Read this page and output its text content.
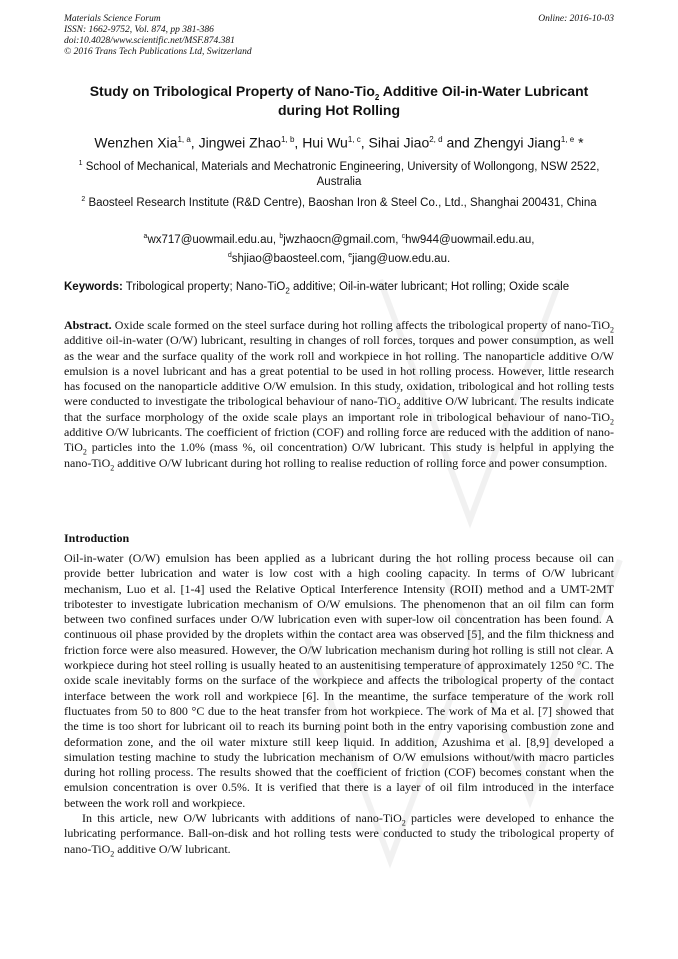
Materials Science Forum
ISSN: 1662-9752, Vol. 874, pp 381-386
doi:10.4028/www.scientific.net/MSF.874.381
© 2016 Trans Tech Publications Ltd, Switzerland
Online: 2016-10-03
Study on Tribological Property of Nano-Tio$_2$ Additive Oil-in-Water Lubricant during Hot Rolling
Wenzhen Xia$^{1, a}$, Jingwei Zhao$^{1, b}$, Hui Wu$^{1, c}$, Sihai Jiao$^{2, d}$ and Zhengyi Jiang$^{1, e}$ *
$^1$ School of Mechanical, Materials and Mechatronic Engineering, University of Wollongong, NSW 2522, Australia
$^2$ Baosteel Research Institute (R&D Centre), Baoshan Iron & Steel Co., Ltd., Shanghai 200431, China
$^a$wx717@uowmail.edu.au, $^b$jwzhaocn@gmail.com, $^c$hw944@uowmail.edu.au,
$^d$shjiao@baosteel.com, $^e$jiang@uow.edu.au.
Keywords: Tribological property; Nano-TiO$_2$ additive; Oil-in-water lubricant; Hot rolling; Oxide scale
Abstract. Oxide scale formed on the steel surface during hot rolling affects the tribological property of nano-TiO$_2$ additive oil-in-water (O/W) lubricant, resulting in changes of roll forces, torques and power consumption, as well as the wear and the surface quality of the work roll and workpiece in hot rolling. The nanoparticle additive O/W emulsion is a novel lubricant and has a great potential to be used in hot rolling process. However, little research has focused on the nanoparticle additive O/W emulsion. In this study, oxidation, tribological and hot rolling tests were conducted to investigate the tribological behaviour of nano-TiO$_2$ additive O/W lubricant. The results indicate that the surface morphology of the oxide scale plays an important role in tribological behaviour of nano-TiO$_2$ additive O/W lubricants. The coefficient of friction (COF) and rolling force are reduced with the addition of nano-TiO$_2$ particles into the 1.0% (mass %, oil concentration) O/W lubricant. This study is helpful in applying the nano-TiO$_2$ additive O/W lubricant during hot rolling to realise reduction of rolling force and power consumption.
Introduction

Oil-in-water (O/W) emulsion has been applied as a lubricant during the hot rolling process because oil can provide better lubrication and water is low cost with a high cooling capacity. In terms of O/W lubricant mechanism, Luo et al. [1-4] used the Relative Optical Interference Intensity (ROII) method and a UMT-2MT tribotester to investigate lubrication mechanism of O/W emulsions. The phenomenon that an oil film can form between two confined surfaces under O/W lubrication even with super-low oil concentration has been found. A continuous oil phase provided by the droplets within the contact area was observed [5], and the film thickness and friction force were also measured. However, the O/W lubrication mechanism during hot rolling is still not clear. A workpiece during hot steel rolling is usually heated to an austenitising temperature of approximately 1250 °C. The oxide scale inevitably forms on the surface of the workpiece and affects the tribological property of the contact interface between the work roll and workpiece [6]. In the meantime, the surface temperature of the work roll fluctuates from 50 to 800 °C due to the heat transfer from hot workpiece. The work of Ma et al. [7] showed that the time is too short for lubricant oil to reach its burning point both in the entry vaporising combustion zone and deformation zone, and the oil water mixture still keep liquid. In addition, Azushima et al. [8,9] developed a simulation testing machine to study the lubrication mechanism of O/W emulsions without/with macro particles during hot rolling process. The results showed that the coefficient of friction (COF) becomes constant when the emulsion concentration is over 0.5%. It is verified that there is a layer of oil film introduced in the interface between the work roll and workpiece.

In this article, new O/W lubricants with additions of nano-TiO$_2$ particles were developed to enhance the lubricating performance. Ball-on-disk and hot rolling tests were conducted to study the tribological property of nano-TiO$_2$ additive O/W lubricant.
